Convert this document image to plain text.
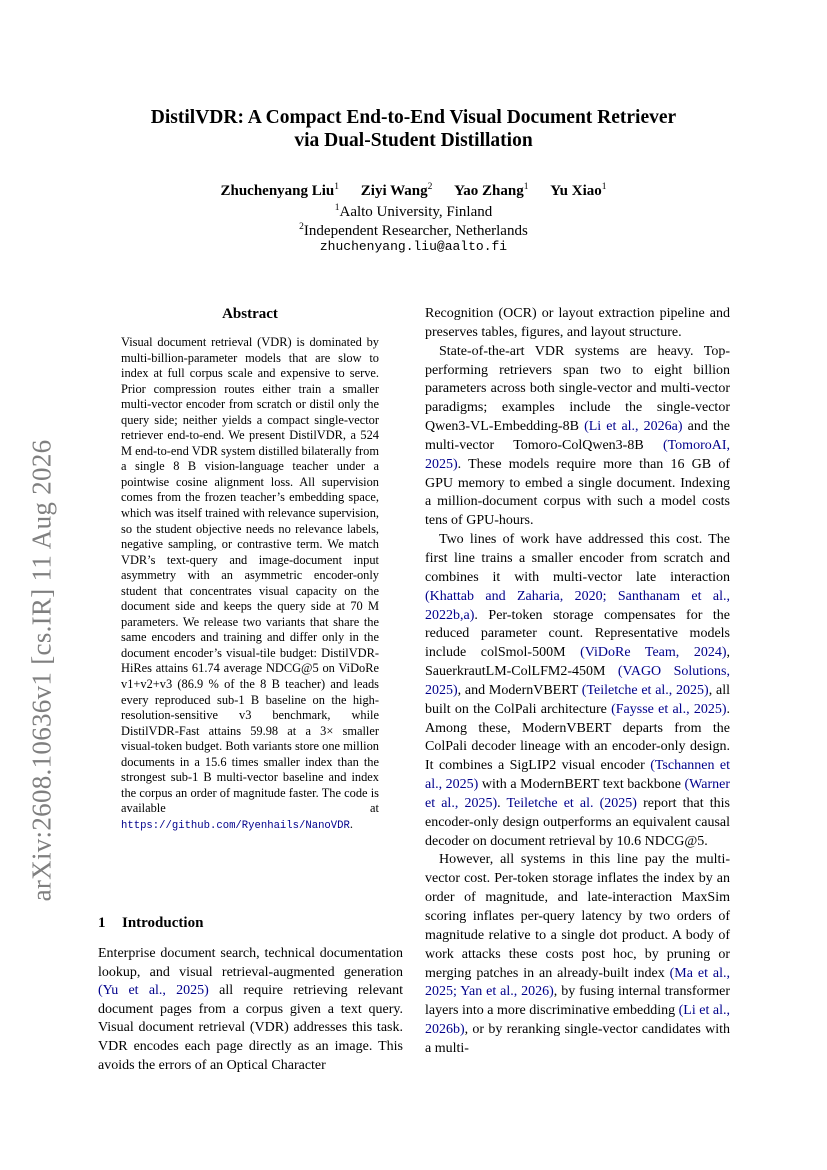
arXiv:2608.10636v1 [cs.IR] 11 Aug 2026
DistilVDR: A Compact End-to-End Visual Document Retriever
via Dual-Student Distillation
Zhuchenyang Liu$^1$ Ziyi Wang$^2$ Yao Zhang$^1$ Yu Xiao$^1$
$^1$Aalto University, Finland
$^2$Independent Researcher, Netherlands
zhuchenyang.liu@aalto.fi
Abstract

Visual document retrieval (VDR) is dominated by multi-billion-parameter models that are slow to index at full corpus scale and expensive to serve. Prior compression routes either train a smaller multi-vector encoder from scratch or distil only the query side; neither yields a compact single-vector retriever end-to-end. We present DistilVDR, a 524 M end-to-end VDR system distilled bilaterally from a single 8 B vision-language teacher under a pointwise cosine alignment loss. All supervision comes from the frozen teacher’s embedding space, which was itself trained with relevance supervision, so the student objective needs no relevance labels, negative sampling, or contrastive term. We match VDR’s text-query and image-document input asymmetry with an asymmetric encoder-only student that concentrates visual capacity on the document side and keeps the query side at 70 M parameters. We release two variants that share the same encoders and training and differ only in the document encoder’s visual-tile budget: DistilVDR-HiRes attains 61.74 average NDCG@5 on ViDoRe v1+v2+v3 (86.9 % of the 8 B teacher) and leads every reproduced sub-1 B baseline on the high-resolution-sensitive v3 benchmark, while DistilVDR-Fast attains 59.98 at a 3× smaller visual-token budget. Both variants store one million documents in a 15.6 times smaller index than the strongest sub-1 B multi-vector baseline and index the corpus an order of magnitude faster. The code is available at https://github.com/Ryenhails/NanoVDR.

1 Introduction

Enterprise document search, technical documentation lookup, and visual retrieval-augmented generation (Yu et al., 2025) all require retrieving relevant document pages from a corpus given a text query. Visual document retrieval (VDR) addresses this task. VDR encodes each page directly as an image. This avoids the errors of an Optical Character

Recognition (OCR) or layout extraction pipeline and preserves tables, figures, and layout structure.

State-of-the-art VDR systems are heavy. Top-performing retrievers span two to eight billion parameters across both single-vector and multi-vector paradigms; examples include the single-vector Qwen3-VL-Embedding-8B (Li et al., 2026a) and the multi-vector Tomoro-ColQwen3-8B (TomoroAI, 2025). These models require more than 16 GB of GPU memory to embed a single document. Indexing a million-document corpus with such a model costs tens of GPU-hours.

Two lines of work have addressed this cost. The first line trains a smaller encoder from scratch and combines it with multi-vector late interaction (Khattab and Zaharia, 2020; Santhanam et al., 2022b,a). Per-token storage compensates for the reduced parameter count. Representative models include colSmol-500M (ViDoRe Team, 2024), SauerkrautLM-ColLFM2-450M (VAGO Solutions, 2025), and ModernVBERT (Teiletche et al., 2025), all built on the ColPali architecture (Faysse et al., 2025). Among these, ModernVBERT departs from the ColPali decoder lineage with an encoder-only design. It combines a SigLIP2 visual encoder (Tschannen et al., 2025) with a ModernBERT text backbone (Warner et al., 2025). Teiletche et al. (2025) report that this encoder-only design outperforms an equivalent causal decoder on document retrieval by 10.6 NDCG@5.

However, all systems in this line pay the multi-vector cost. Per-token storage inflates the index by an order of magnitude, and late-interaction MaxSim scoring inflates per-query latency by two orders of magnitude relative to a single dot product. A body of work attacks these costs post hoc, by pruning or merging patches in an already-built index (Ma et al., 2025; Yan et al., 2026), by fusing internal transformer layers into a more discriminative embedding (Li et al., 2026b), or by reranking single-vector candidates with a multi-
